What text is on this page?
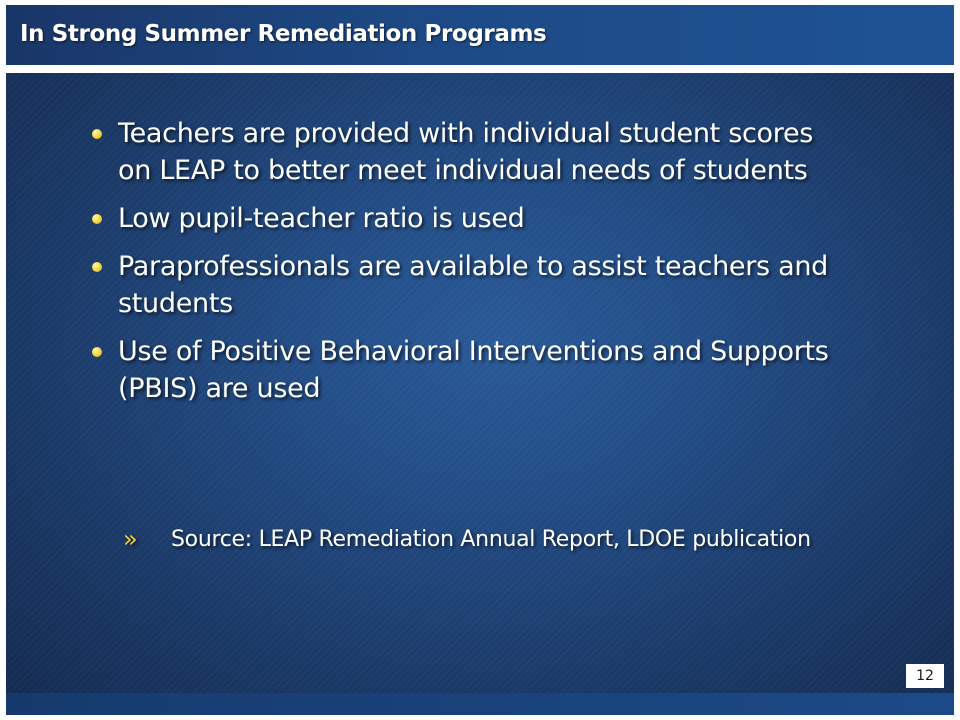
In Strong Summer Remediation Programs
Teachers are provided with individual student scores on LEAP to better meet individual needs of students
Low pupil-teacher ratio is used
Paraprofessionals are available to assist teachers and students
Use of Positive Behavioral Interventions and Supports (PBIS) are used
»	Source: LEAP Remediation Annual Report, LDOE publication
12
